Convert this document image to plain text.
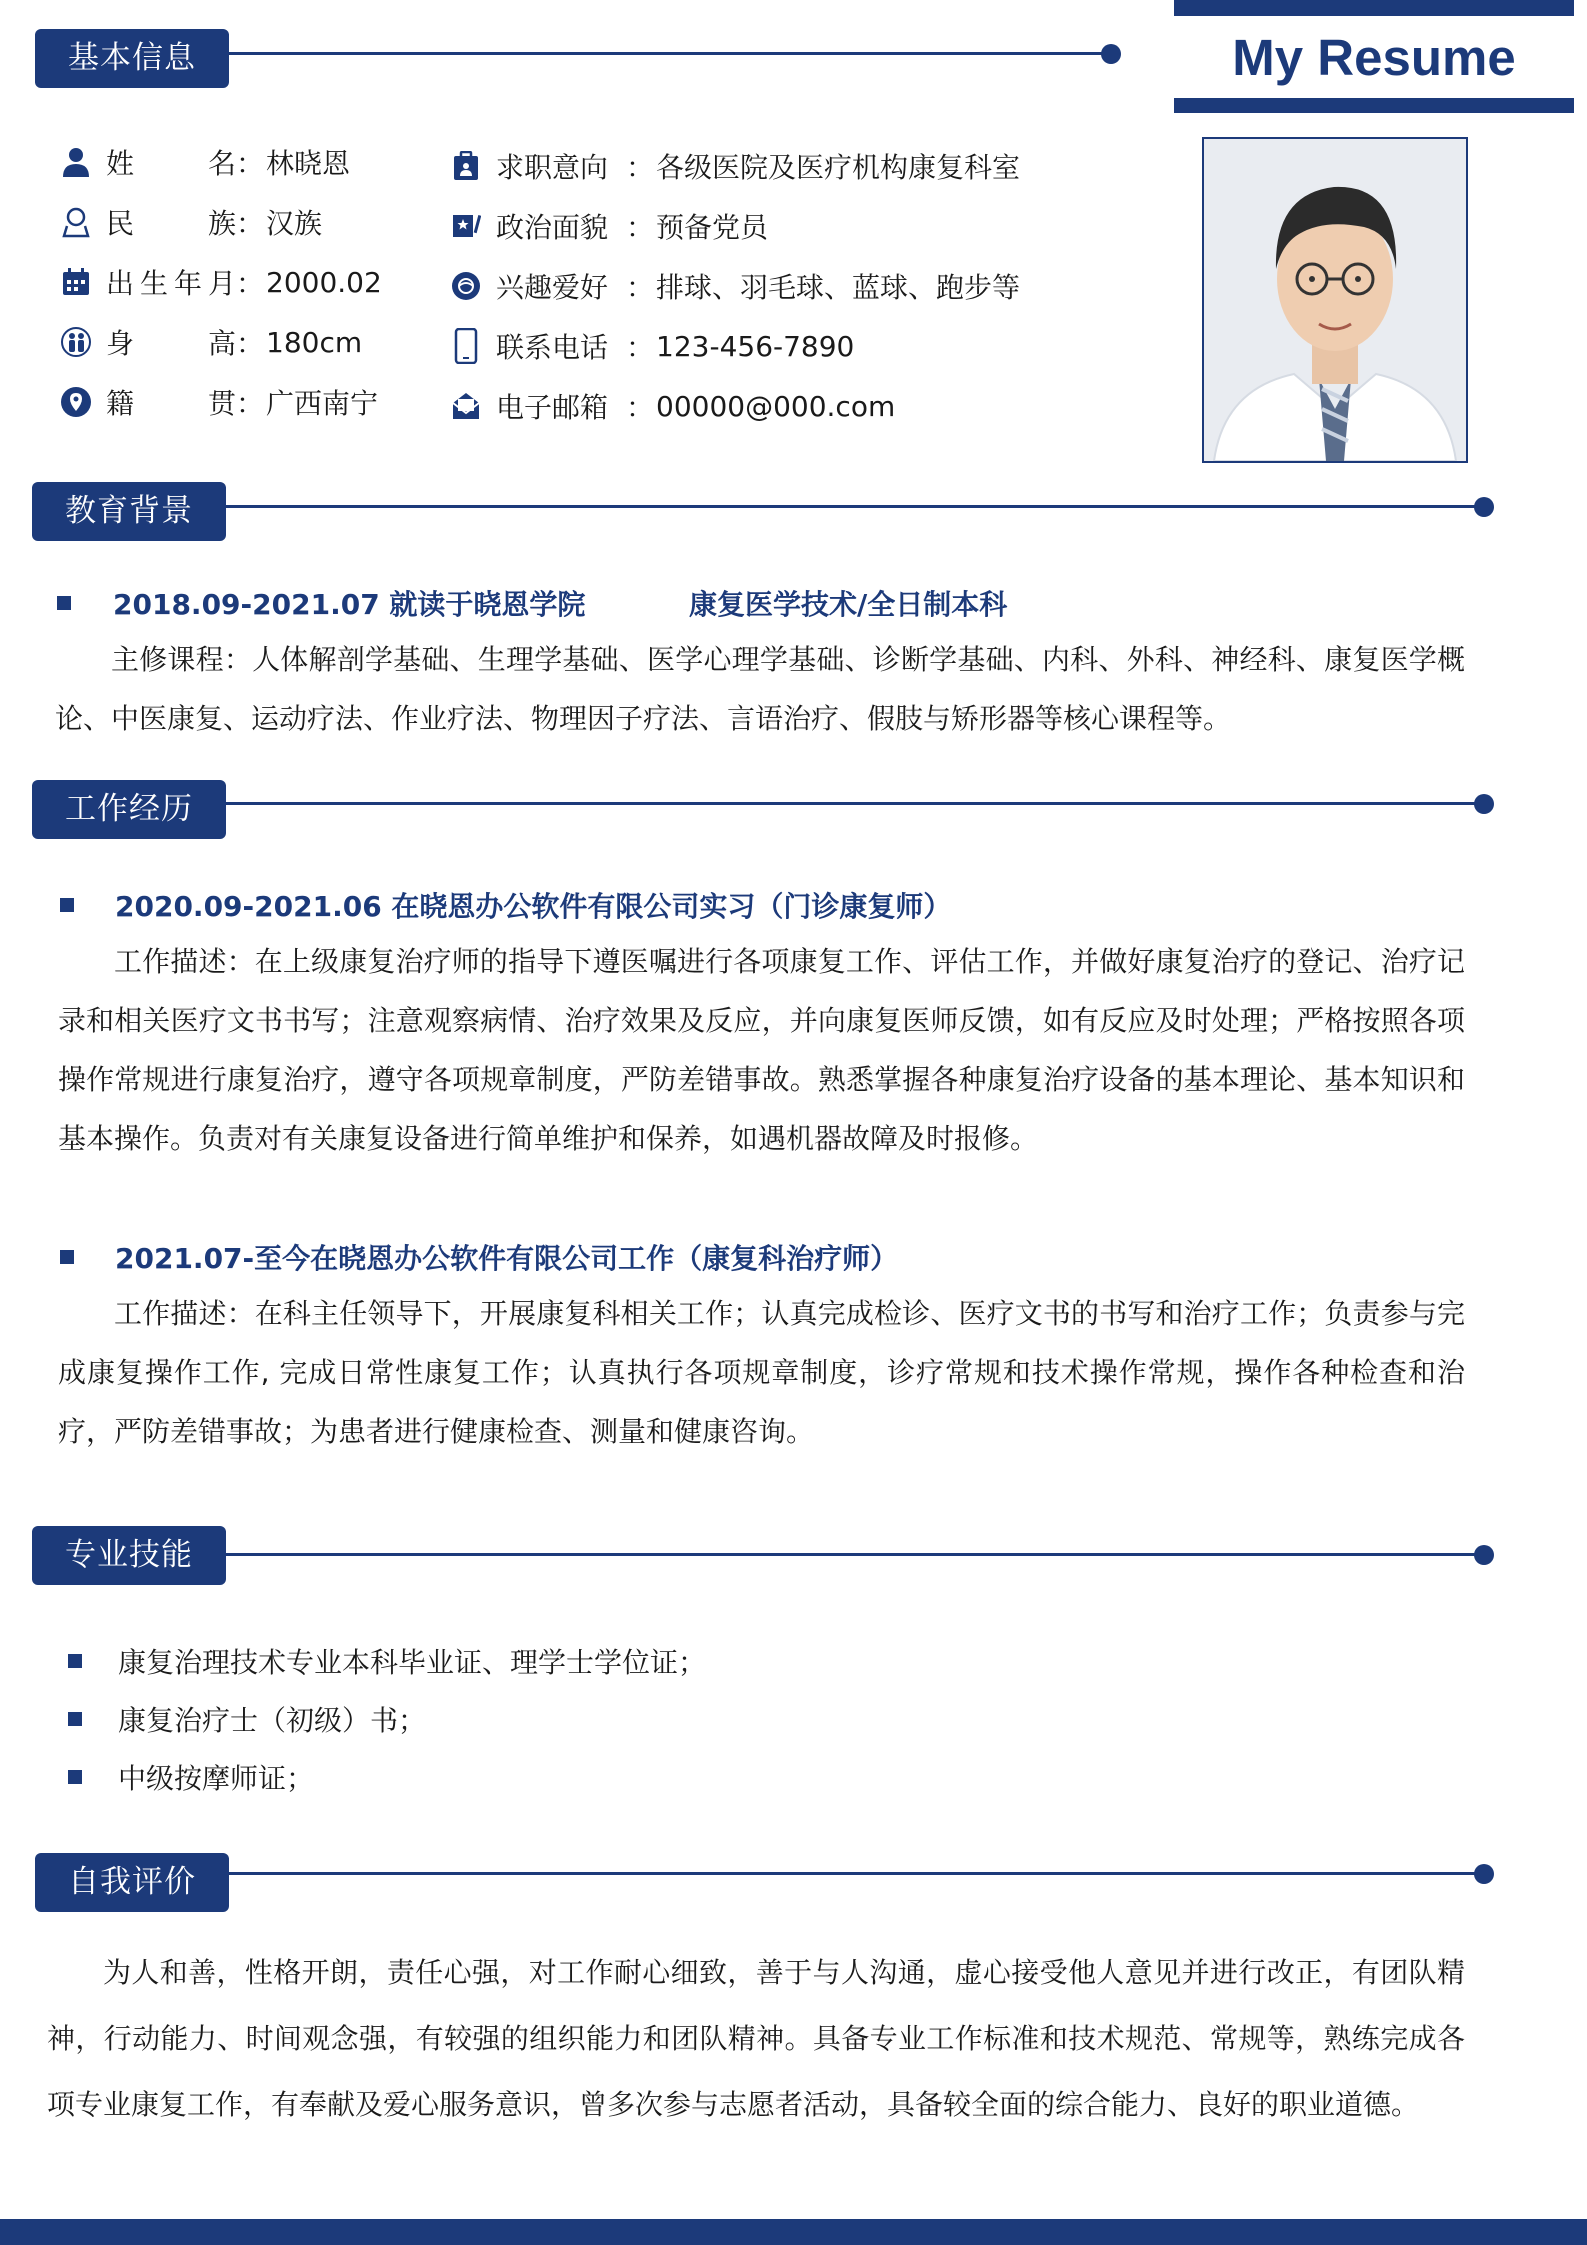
My Resume
基本信息
姓	名 ： 林晓恩
民	族 ： 汉族
出 生 年 月 ： 2000.02
身	高 ： 180cm
籍	贯 ： 广西南宁
求职意向 ： 各级医院及医疗机构康复科室
政治面貌 ： 预备党员
兴趣爱好 ： 排球、羽毛球、蓝球、跑步等
联系电话 ： 123-456-7890
电子邮箱 ： 00000@000.com
教育背景
2018.09-2021.07 就读于晓恩学院	康复医学技术/全日制本科
主修课程：人体解剖学基础、生理学基础、医学心理学基础、诊断学基础、内科、外科、神经科、康复医学概论、中医康复、运动疗法、作业疗法、物理因子疗法、言语治疗、假肢与矫形器等核心课程等。
工作经历
2020.09-2021.06 在晓恩办公软件有限公司实习（门诊康复师）
工作描述：在上级康复治疗师的指导下遵医嘱进行各项康复工作、评估工作，并做好康复治疗的登记、治疗记录和相关医疗文书书写；注意观察病情、治疗效果及反应，并向康复医师反馈，如有反应及时处理；严格按照各项操作常规进行康复治疗，遵守各项规章制度，严防差错事故。熟悉掌握各种康复治疗设备的基本理论、基本知识和基本操作。负责对有关康复设备进行简单维护和保养，如遇机器故障及时报修。
2021.07-至今在晓恩办公软件有限公司工作（康复科治疗师）
工作描述：在科主任领导下，开展康复科相关工作；认真完成检诊、医疗文书的书写和治疗工作；负责参与完成康复操作工作, 完成日常性康复工作；认真执行各项规章制度，诊疗常规和技术操作常规，操作各种检查和治疗，严防差错事故；为患者进行健康检查、测量和健康咨询。
专业技能
康复治理技术专业本科毕业证、理学士学位证；
康复治疗士（初级）书；
中级按摩师证；
自我评价
为人和善，性格开朗，责任心强，对工作耐心细致，善于与人沟通，虚心接受他人意见并进行改正，有团队精神，行动能力、时间观念强，有较强的组织能力和团队精神。具备专业工作标准和技术规范、常规等，熟练完成各项专业康复工作，有奉献及爱心服务意识，曾多次参与志愿者活动，具备较全面的综合能力、良好的职业道德。
